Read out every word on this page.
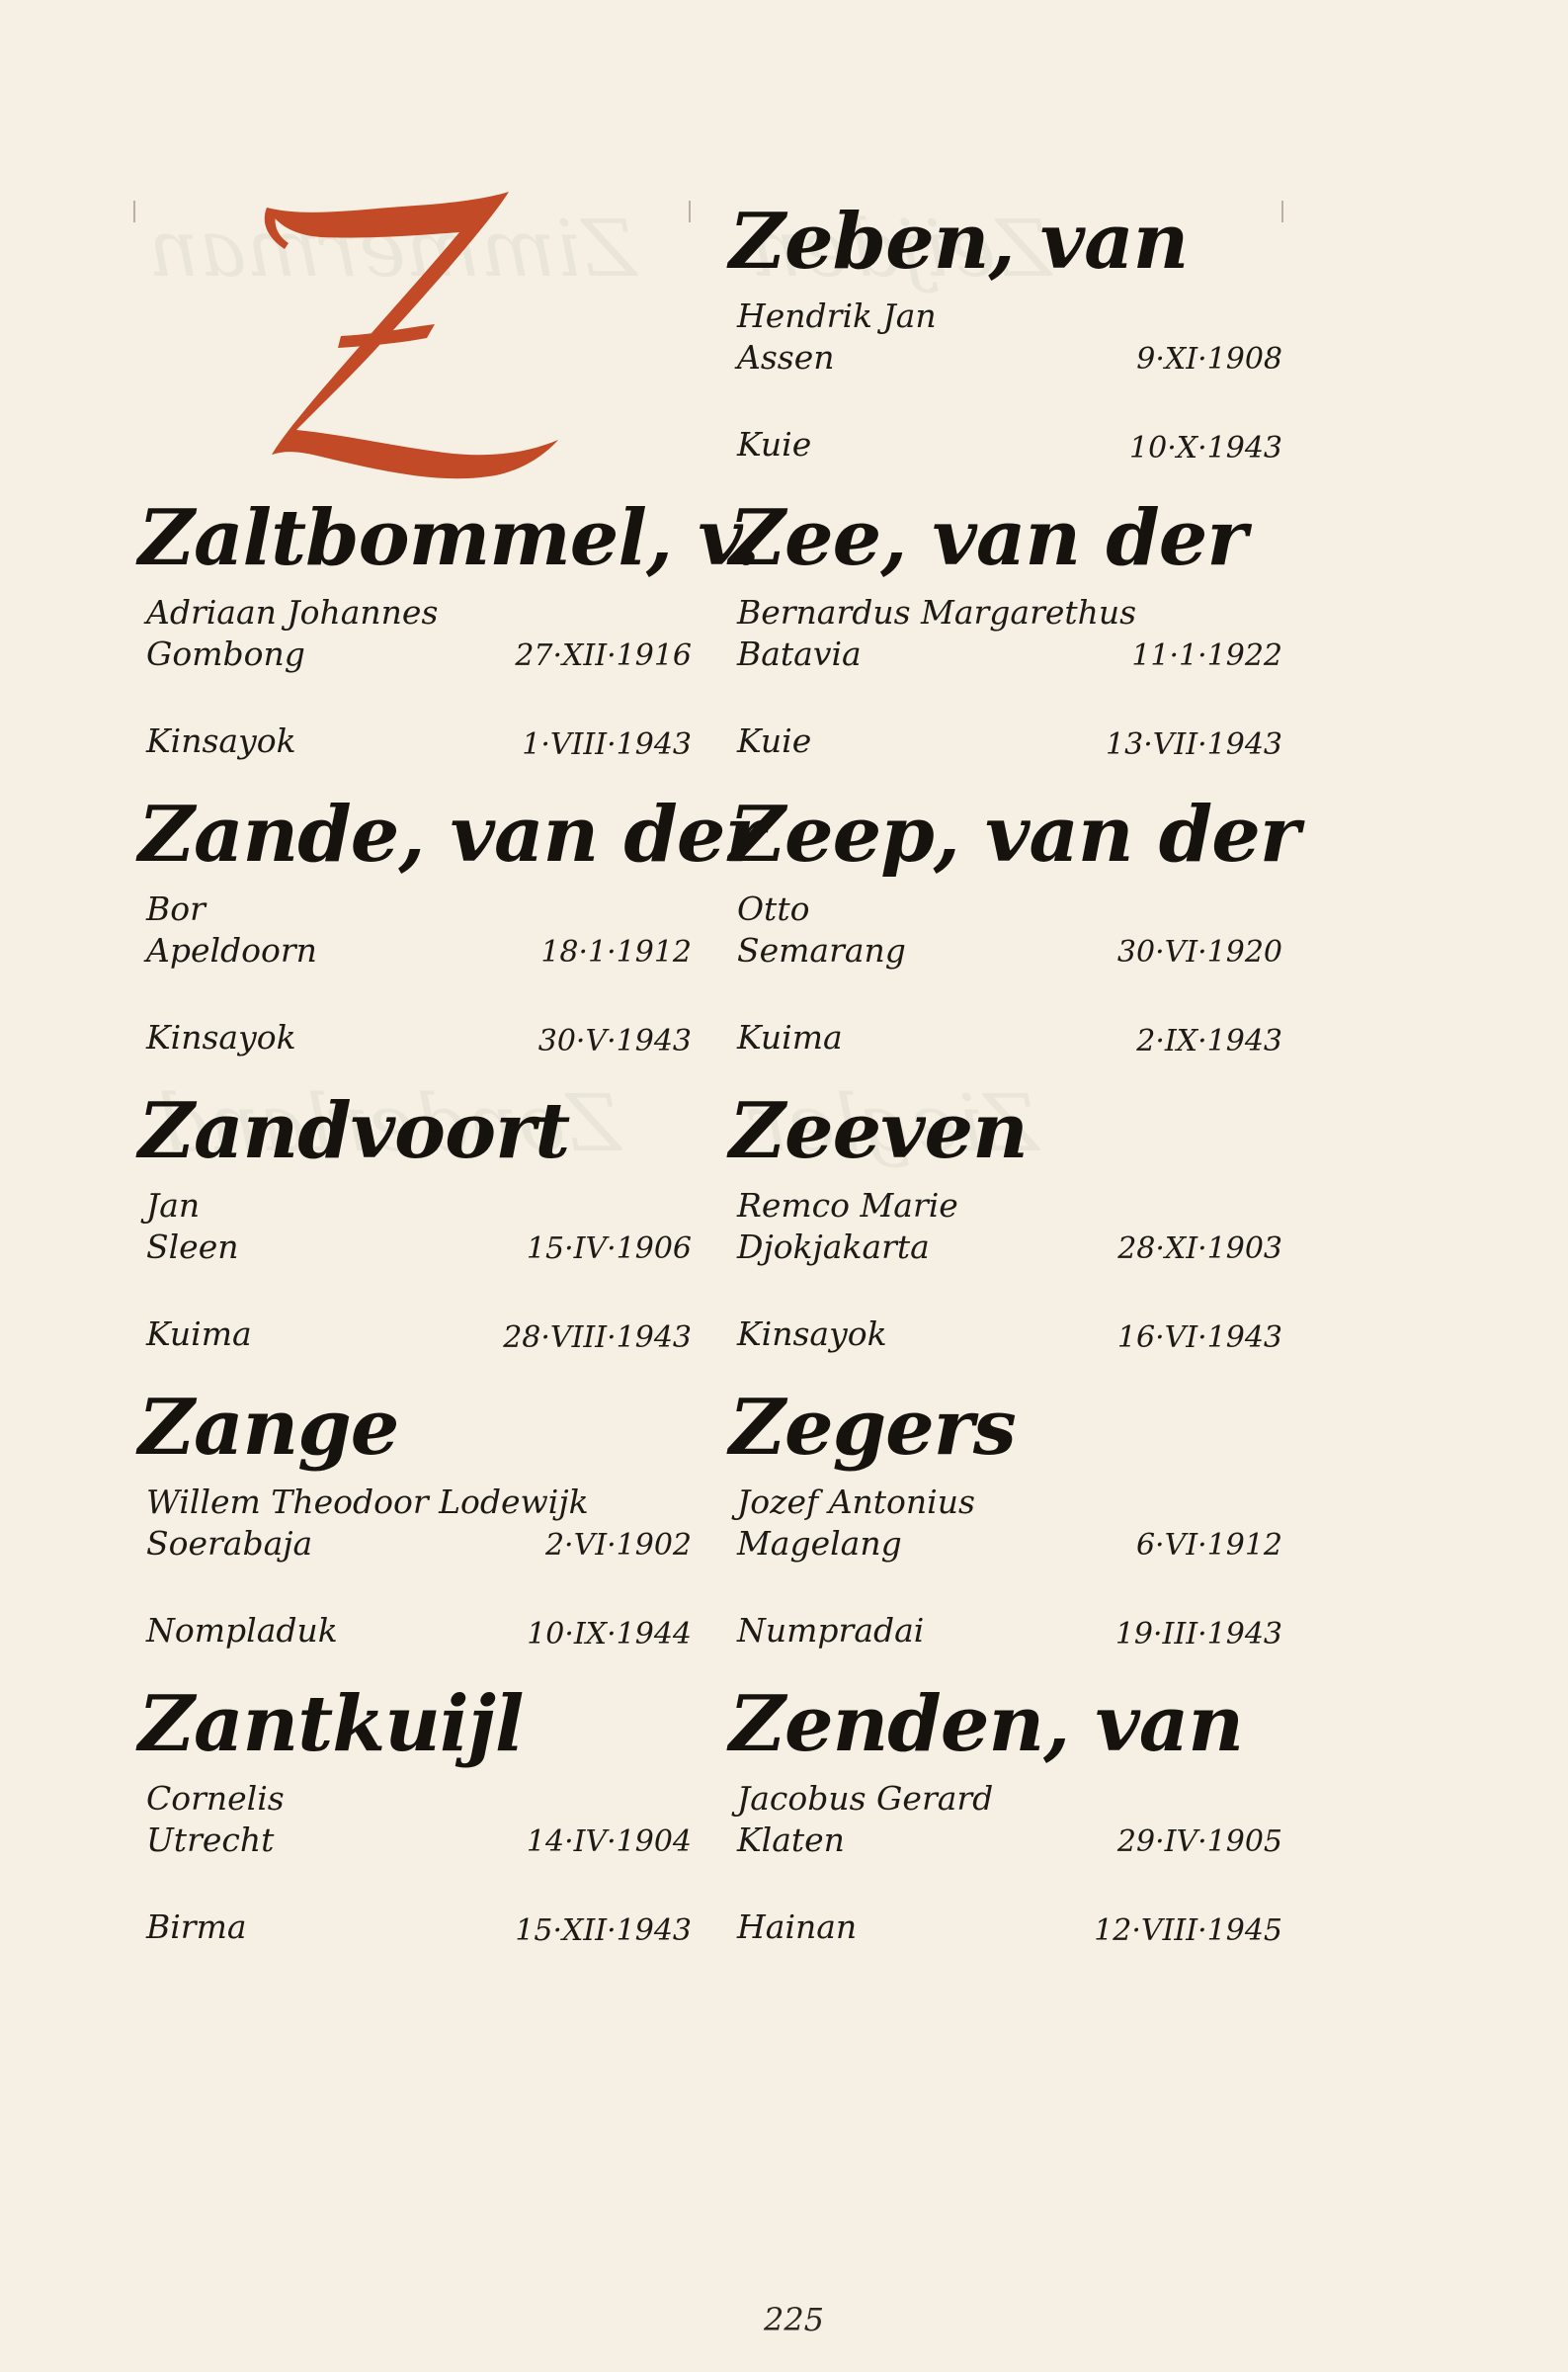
Zaltbommel, v.
Adriaan Johannes
Gombong	27·XII·1916
Kinsayok	1·VIII·1943
Zande, van der
Bor
Apeldoorn	18·1·1912
Kinsayok	30·V·1943
Zandvoort
Jan
Sleen	15·IV·1906
Kuima	28·VIII·1943
Zange
Willem Theodoor Lodewijk
Soerabaja	2·VI·1902
Nompladuk	10·IX·1944
Zantkuijl
Cornelis
Utrecht	14·IV·1904
Birma	15·XII·1943
Zeben, van
Hendrik Jan
Assen	9·XI·1908
Kuie	10·X·1943
Zee, van der
Bernardus Margarethus
Batavia	11·1·1922
Kuie	13·VII·1943
Zeep, van der
Otto
Semarang	30·VI·1920
Kuima	2·IX·1943
Zeeven
Remco Marie
Djokjakarta	28·XI·1903
Kinsayok	16·VI·1943
Zegers
Jozef Antonius
Magelang	6·VI·1912
Numpradai	19·III·1943
Zenden, van
Jacobus Gerard
Klaten	29·IV·1905
Hainan	12·VIII·1945
225
